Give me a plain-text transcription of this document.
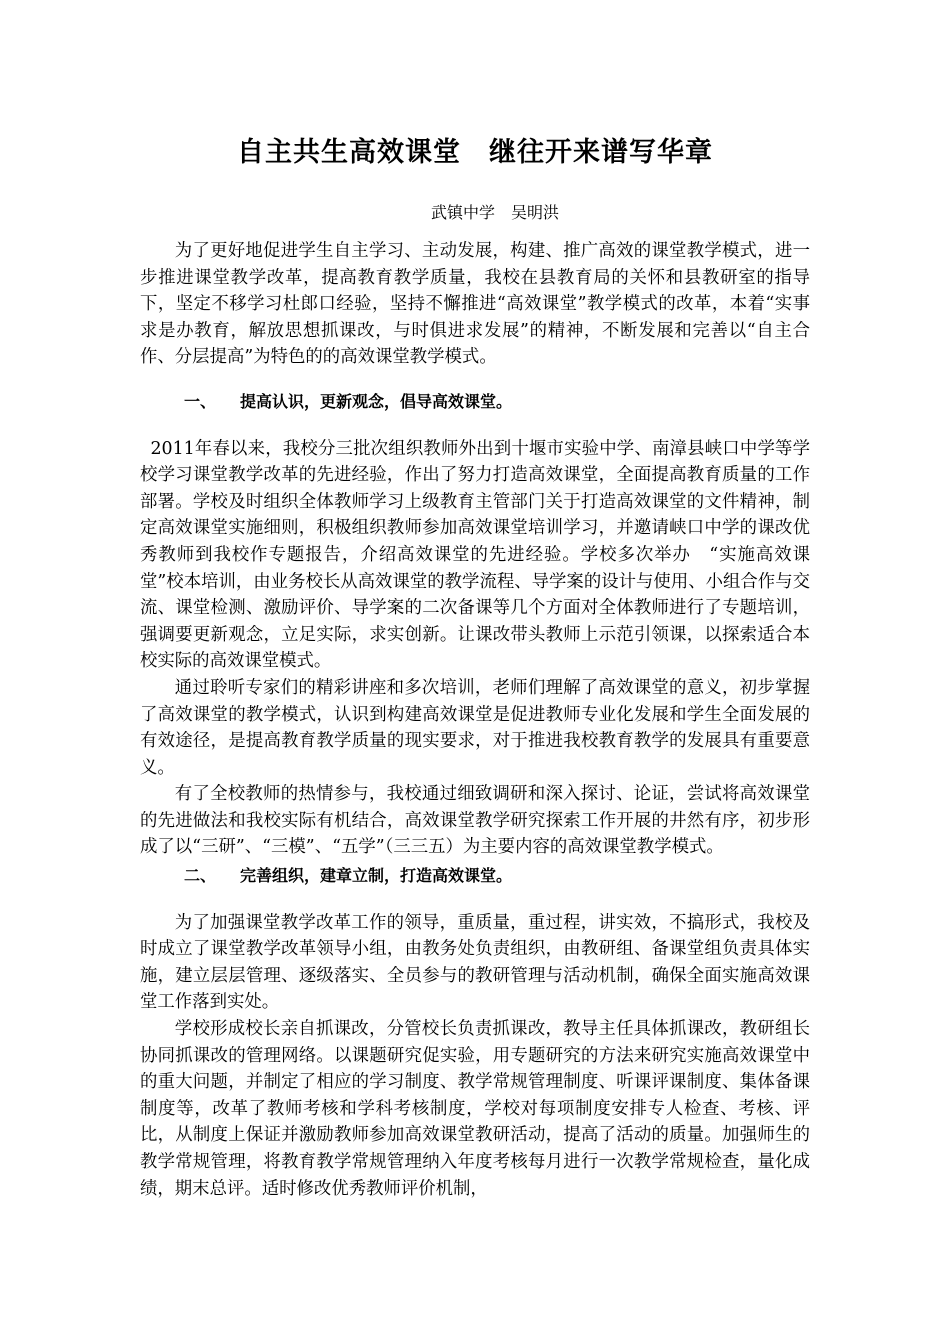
自主共生高效课堂　继往开来谱写华章
武镇中学　吴明洪

为了更好地促进学生自主学习、主动发展，构建、推广高效的课堂教学模式，进一步推进课堂教学改革，提高教育教学质量，我校在县教育局的关怀和县教研室的指导下，坚定不移学习杜郎口经验，坚持不懈推进“高效课堂”教学模式的改革，本着“实事求是办教育，解放思想抓课改，与时俱进求发展”的精神，不断发展和完善以“自主合作、分层提高”为特色的的高效课堂教学模式。

一、　　提高认识，更新观念，倡导高效课堂。

2011年春以来，我校分三批次组织教师外出到十堰市实验中学、南漳县峡口中学等学校学习课堂教学改革的先进经验，作出了努力打造高效课堂，全面提高教育质量的工作部署。学校及时组织全体教师学习上级教育主管部门关于打造高效课堂的文件精神，制定高效课堂实施细则，积极组织教师参加高效课堂培训学习，并邀请峡口中学的课改优秀教师到我校作专题报告，介绍高效课堂的先进经验。学校多次举办　“实施高效课堂”校本培训，由业务校长从高效课堂的教学流程、导学案的设计与使用、小组合作与交流、课堂检测、激励评价、导学案的二次备课等几个方面对全体教师进行了专题培训，强调要更新观念，立足实际，求实创新。让课改带头教师上示范引领课，以探索适合本校实际的高效课堂模式。

通过聆听专家们的精彩讲座和多次培训，老师们理解了高效课堂的意义，初步掌握了高效课堂的教学模式，认识到构建高效课堂是促进教师专业化发展和学生全面发展的有效途径，是提高教育教学质量的现实要求，对于推进我校教育教学的发展具有重要意义。

有了全校教师的热情参与，我校通过细致调研和深入探讨、论证，尝试将高效课堂的先进做法和我校实际有机结合，高效课堂教学研究探索工作开展的井然有序，初步形成了以“三研”、“三模”、“五学”（三三五）为主要内容的高效课堂教学模式。

二、　　完善组织，建章立制，打造高效课堂。

为了加强课堂教学改革工作的领导，重质量，重过程，讲实效，不搞形式，我校及时成立了课堂教学改革领导小组，由教务处负责组织，由教研组、备课堂组负责具体实施，建立层层管理、逐级落实、全员参与的教研管理与活动机制，确保全面实施高效课堂工作落到实处。

学校形成校长亲自抓课改，分管校长负责抓课改，教导主任具体抓课改，教研组长协同抓课改的管理网络。以课题研究促实验，用专题研究的方法来研究实施高效课堂中的重大问题，并制定了相应的学习制度、教学常规管理制度、听课评课制度、集体备课制度等，改革了教师考核和学科考核制度，学校对每项制度安排专人检查、考核、评比，从制度上保证并激励教师参加高效课堂教研活动，提高了活动的质量。加强师生的教学常规管理，将教育教学常规管理纳入年度考核每月进行一次教学常规检查，量化成绩，期末总评。适时修改优秀教师评价机制，
